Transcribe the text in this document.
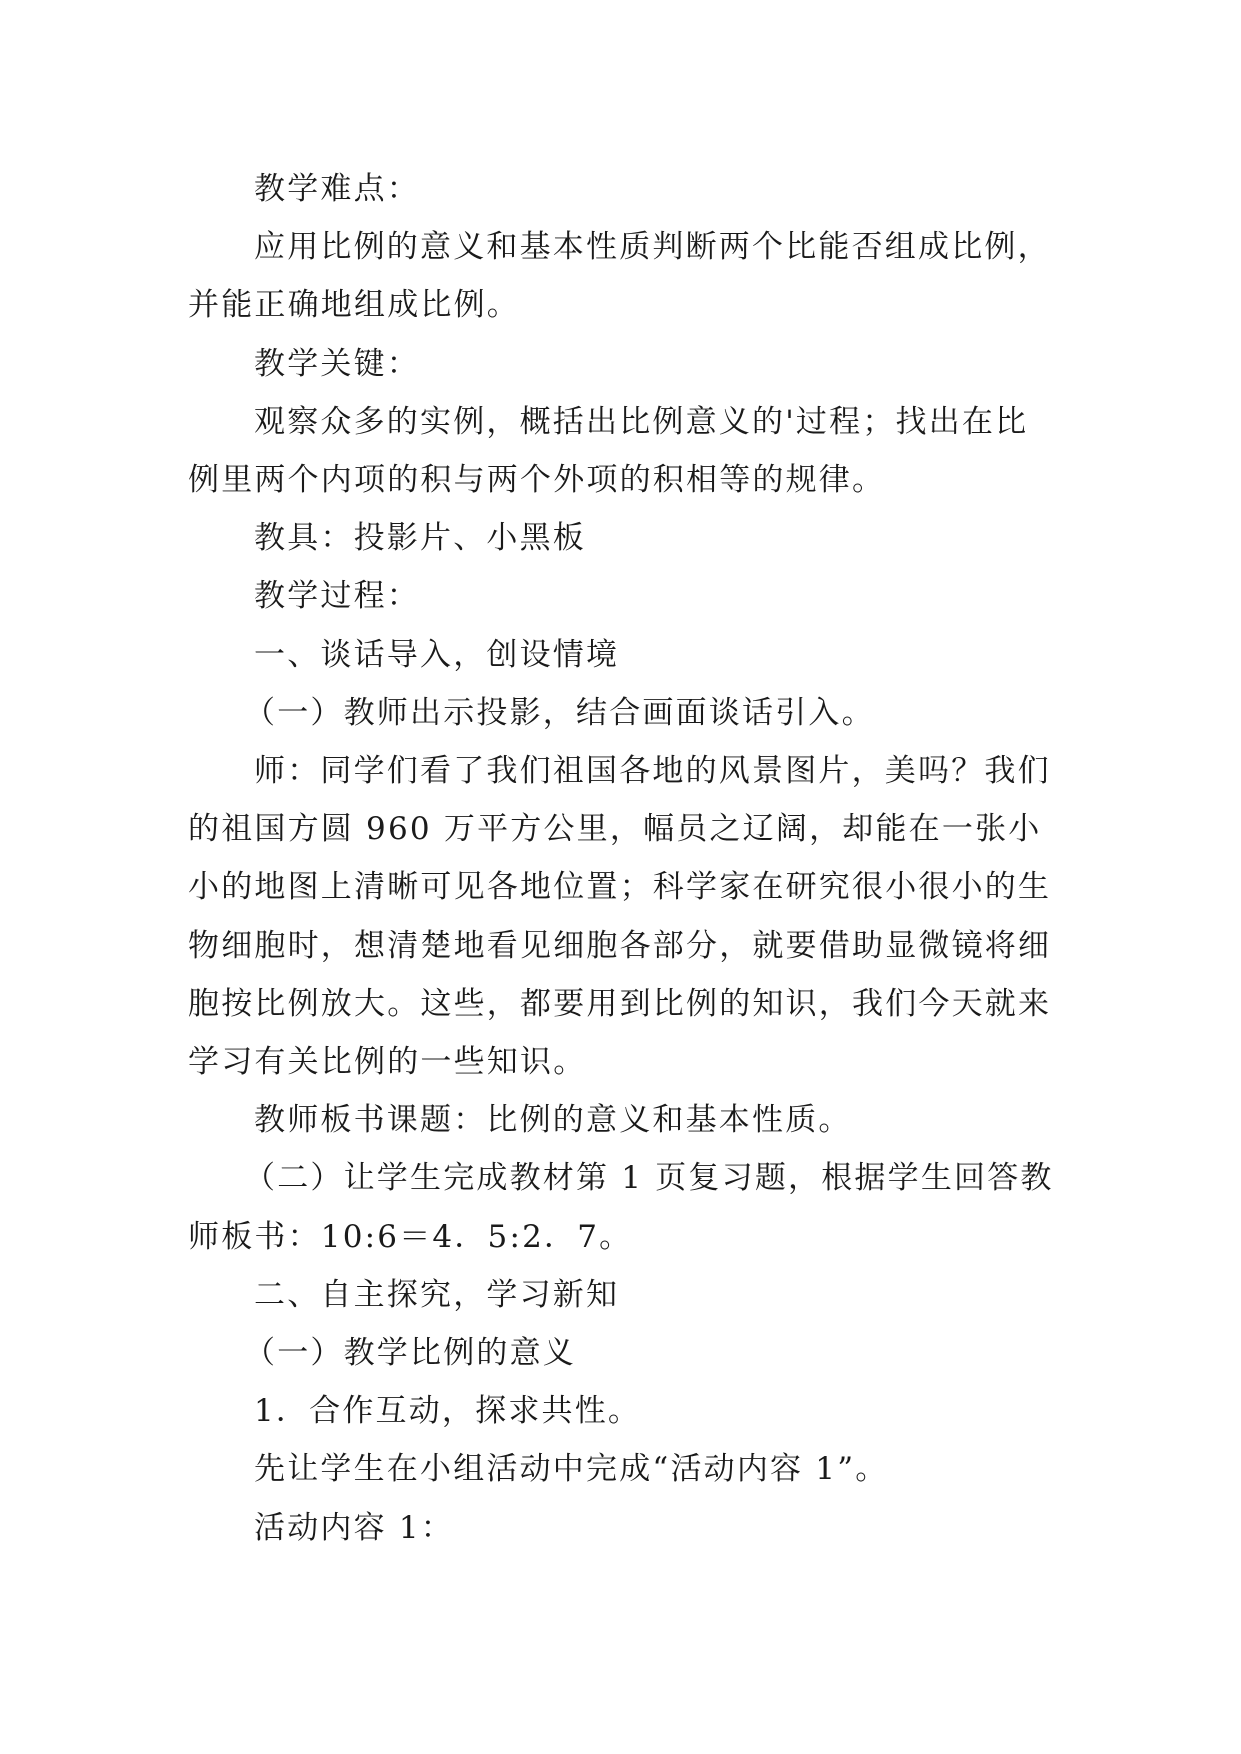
教学难点：

应用比例的意义和基本性质判断两个比能否组成比例，并能正确地组成比例。

教学关键：

观察众多的实例，概括出比例意义的'过程；找出在比例里两个内项的积与两个外项的积相等的规律。

教具：投影片、小黑板

教学过程：

一、谈话导入，创设情境

（一）教师出示投影，结合画面谈话引入。

师：同学们看了我们祖国各地的风景图片，美吗？我们的祖国方圆 960 万平方公里，幅员之辽阔，却能在一张小小的地图上清晰可见各地位置；科学家在研究很小很小的生物细胞时，想清楚地看见细胞各部分，就要借助显微镜将细胞按比例放大。这些，都要用到比例的知识，我们今天就来学习有关比例的一些知识。

教师板书课题：比例的意义和基本性质。

（二）让学生完成教材第 1 页复习题，根据学生回答教师板书：10:6＝4．5:2．7。

二、自主探究，学习新知

（一）教学比例的意义

1．合作互动，探求共性。

先让学生在小组活动中完成“活动内容 1”。

活动内容 1：
